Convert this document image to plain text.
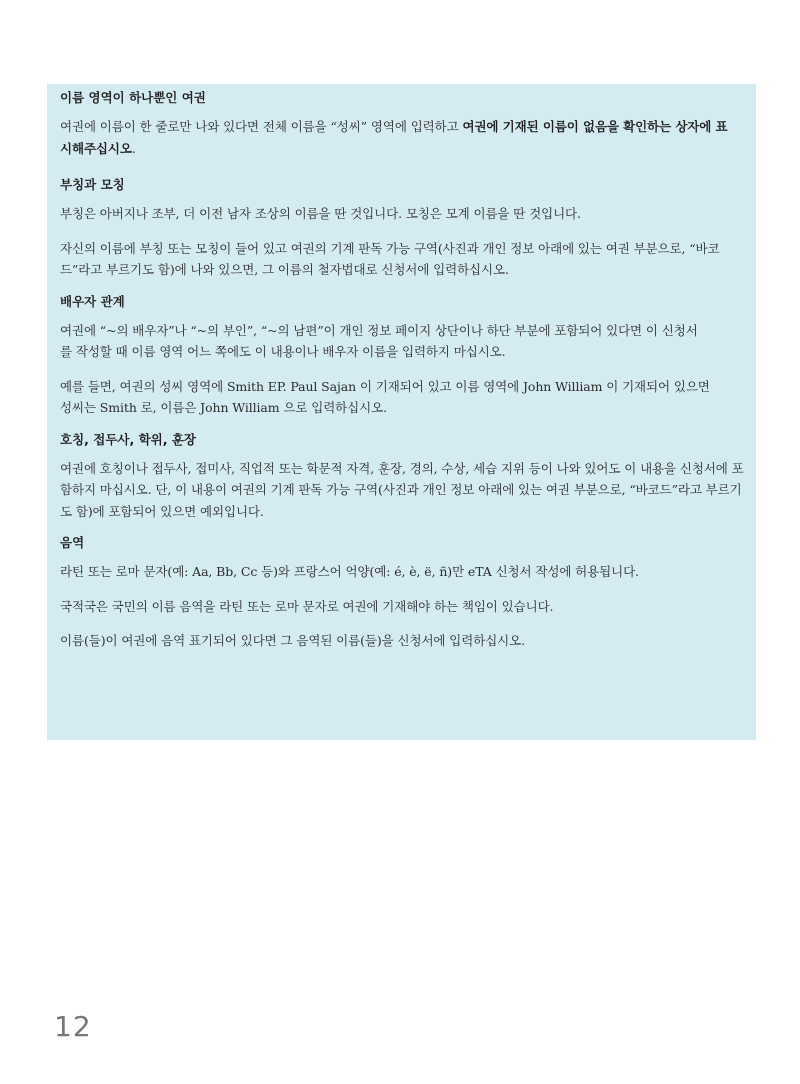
이름 영역이 하나뿐인 여권

여권에 이름이 한 줄로만 나와 있다면 전체 이름을 “성씨” 영역에 입력하고 여권에 기재된 이름이 없음을 확인하는 상자에 표시해주십시오.

부칭과 모칭

부칭은 아버지나 조부, 더 이전 남자 조상의 이름을 딴 것입니다. 모칭은 모계 이름을 딴 것입니다.

자신의 이름에 부칭 또는 모칭이 들어 있고 여권의 기계 판독 가능 구역(사진과 개인 정보 아래에 있는 여권 부분으로, “바코드”라고 부르기도 함)에 나와 있으면, 그 이름의 철자법대로 신청서에 입력하십시오.

배우자 관계

여권에 “~의 배우자”나 “~의 부인”, “~의 남편”이 개인 정보 페이지 상단이나 하단 부분에 포함되어 있다면 이 신청서를 작성할 때 이름 영역 어느 쪽에도 이 내용이나 배우자 이름을 입력하지 마십시오.

예를 들면, 여권의 성씨 영역에 Smith EP. Paul Sajan 이 기재되어 있고 이름 영역에 John William 이 기재되어 있으면 성씨는 Smith 로, 이름은 John William 으로 입력하십시오.

호칭, 접두사, 학위, 훈장

여권에 호칭이나 접두사, 접미사, 직업적 또는 학문적 자격, 훈장, 경의, 수상, 세습 지위 등이 나와 있어도 이 내용을 신청서에 포함하지 마십시오. 단, 이 내용이 여권의 기계 판독 가능 구역(사진과 개인 정보 아래에 있는 여권 부분으로, “바코드”라고 부르기도 함)에 포함되어 있으면 예외입니다.

음역

라틴 또는 로마 문자(예: Aa, Bb, Cc 등)와 프랑스어 억양(예: é, è, ë, ñ)만 eTA 신청서 작성에 허용됩니다.

국적국은 국민의 이름 음역을 라틴 또는 로마 문자로 여권에 기재해야 하는 책임이 있습니다.

이름(들)이 여권에 음역 표기되어 있다면 그 음역된 이름(들)을 신청서에 입력하십시오.

12
